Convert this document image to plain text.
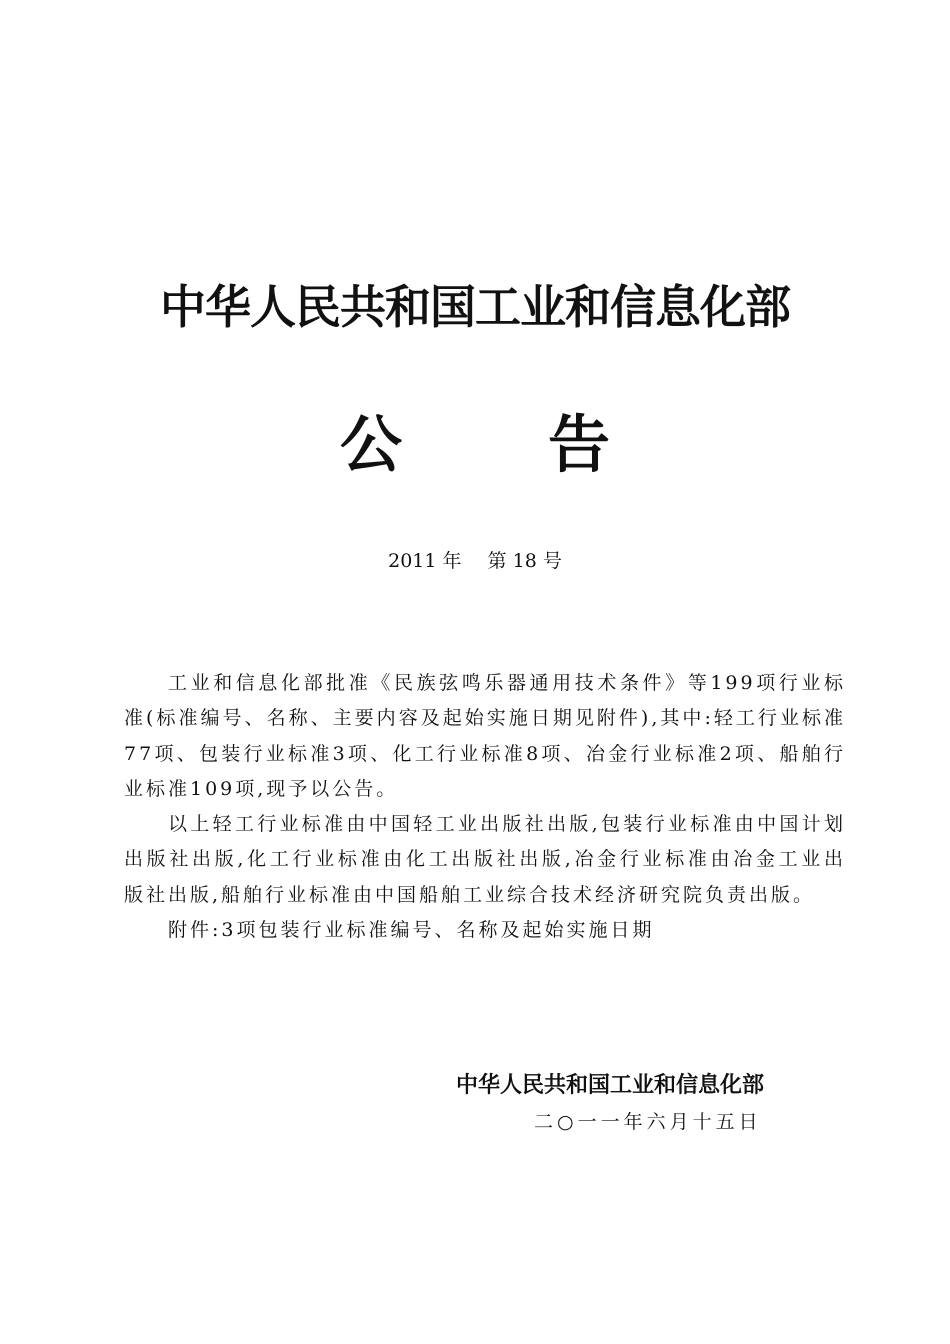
中华人民共和国工业和信息化部
公 告
2011 年 第 18 号

工业和信息化部批准《民族弦鸣乐器通用技术条件》等199项行业标准(标准编号、名称、主要内容及起始实施日期见附件),其中:轻工行业标准77项、包装行业标准3项、化工行业标准8项、冶金行业标准2项、船舶行业标准109项,现予以公告。

以上轻工行业标准由中国轻工业出版社出版,包装行业标准由中国计划出版社出版,化工行业标准由化工出版社出版,冶金行业标准由冶金工业出版社出版,船舶行业标准由中国船舶工业综合技术经济研究院负责出版。

附件:3项包装行业标准编号、名称及起始实施日期

中华人民共和国工业和信息化部
二○一一年六月十五日
